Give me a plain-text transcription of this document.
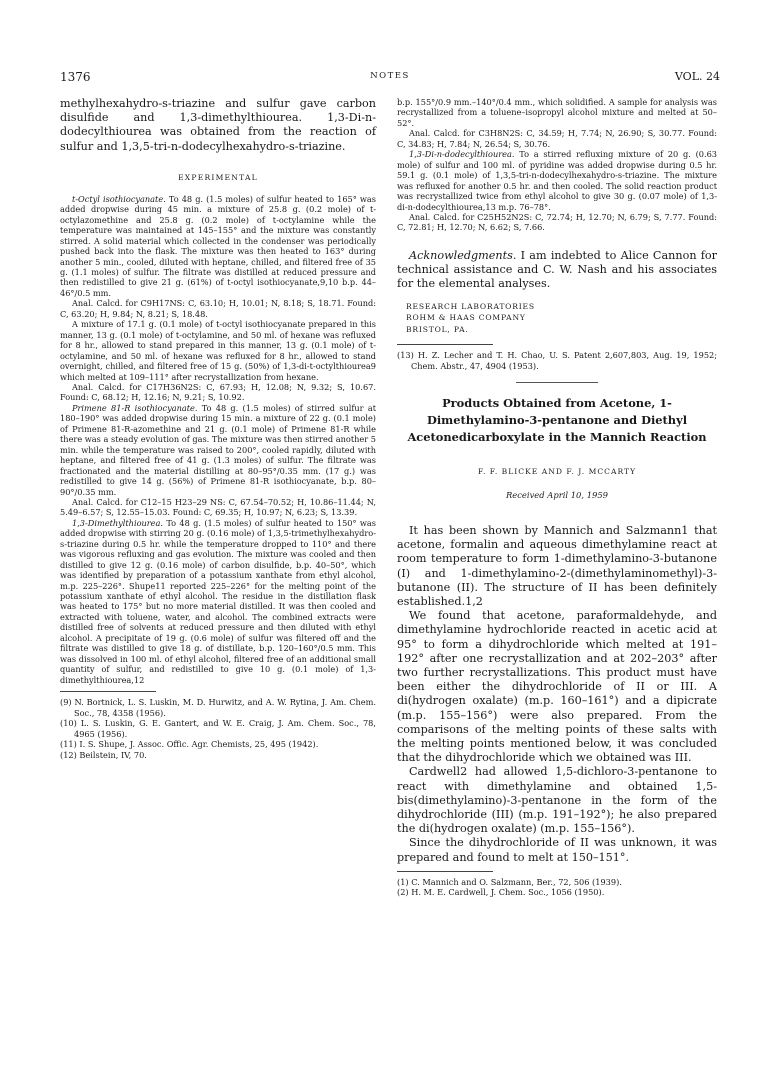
1376	NOTES	VOL. 24

methylhexahydro-s-triazine and sulfur gave carbon disulfide and 1,3-dimethylthiourea. 1,3-Di-n-dodecylthiourea was obtained from the reaction of sulfur and 1,3,5-tri-n-dodecylhexahydro-s-triazine.

EXPERIMENTAL

t-Octyl isothiocyanate. To 48 g. (1.5 moles) of sulfur heated to 165° was added dropwise during 45 min. a mixture of 25.8 g. (0.2 mole) of t-octylazomethine and 25.8 g. (0.2 mole) of t-octylamine while the temperature was maintained at 145–155° and the mixture was constantly stirred. A solid material which collected in the condenser was periodically pushed back into the flask. The mixture was then heated to 163° during another 5 min., cooled, diluted with heptane, chilled, and filtered free of 35 g. (1.1 moles) of sulfur. The filtrate was distilled at reduced pressure and then redistilled to give 21 g. (61%) of t-octyl isothiocyanate,9,10 b.p. 44–46°/0.5 mm.

Anal. Calcd. for C9H17NS: C, 63.10; H, 10.01; N, 8.18; S, 18.71. Found: C, 63.20; H, 9.84; N, 8.21; S, 18.48.

A mixture of 17.1 g. (0.1 mole) of t-octyl isothiocyanate prepared in this manner, 13 g. (0.1 mole) of t-octylamine, and 50 ml. of hexane was refluxed for 8 hr., allowed to stand prepared in this manner, 13 g. (0.1 mole) of t-octylamine, and 50 ml. of hexane was refluxed for 8 hr., allowed to stand overnight, chilled, and filtered free of 15 g. (50%) of 1,3-di-t-octylthiourea9 which melted at 109–111° after recrystallization from hexane.

Anal. Calcd. for C17H36N2S: C, 67.93; H, 12.08; N, 9.32; S, 10.67. Found: C, 68.12; H, 12.16; N, 9.21; S, 10.92.

Primene 81-R isothiocyanate. To 48 g. (1.5 moles) of stirred sulfur at 180–190° was added dropwise during 15 min. a mixture of 22 g. (0.1 mole) of Primene 81-R-azomethine and 21 g. (0.1 mole) of Primene 81-R while there was a steady evolution of gas. The mixture was then stirred another 5 min. while the temperature was raised to 200°, cooled rapidly, diluted with heptane, and filtered free of 41 g. (1.3 moles) of sulfur. The filtrate was fractionated and the material distilling at 80–95°/0.35 mm. (17 g.) was redistilled to give 14 g. (56%) of Primene 81-R isothiocyanate, b.p. 80–90°/0.35 mm.

Anal. Calcd. for C12–15 H23–29 NS: C, 67.54–70.52; H, 10.86–11.44; N, 5.49–6.57; S, 12.55–15.03. Found: C, 69.35; H, 10.97; N, 6.23; S, 13.39.

1,3-Dimethylthiourea. To 48 g. (1.5 moles) of sulfur heated to 150° was added dropwise with stirring 20 g. (0.16 mole) of 1,3,5-trimethylhexahydro-s-triazine during 0.5 hr. while the temperature dropped to 110° and there was vigorous refluxing and gas evolution. The mixture was cooled and then distilled to give 12 g. (0.16 mole) of carbon disulfide, b.p. 40–50°, which was identified by preparation of a potassium xanthate from ethyl alcohol, m.p. 225–226°. Shupe11 reported 225–226° for the melting point of the potassium xanthate of ethyl alcohol. The residue in the distillation flask was heated to 175° but no more material distilled. It was then cooled and extracted with toluene, water, and alcohol. The combined extracts were distilled free of solvents at reduced pressure and then diluted with ethyl alcohol. A precipitate of 19 g. (0.6 mole) of sulfur was filtered off and the filtrate was distilled to give 18 g. of distillate, b.p. 120–160°/0.5 mm. This was dissolved in 100 ml. of ethyl alcohol, filtered free of an additional small quantity of sulfur, and redistilled to give 10 g. (0.1 mole) of 1,3-dimethylthiourea,12

(9) N. Bortnick, L. S. Luskin, M. D. Hurwitz, and A. W. Rytina, J. Am. Chem. Soc., 78, 4358 (1956).

(10) L. S. Luskin, G. E. Gantert, and W. E. Craig, J. Am. Chem. Soc., 78, 4965 (1956).

(11) I. S. Shupe, J. Assoc. Offic. Agr. Chemists, 25, 495 (1942).

(12) Beilstein, IV, 70.

b.p. 155°/0.9 mm.–140°/0.4 mm., which solidified. A sample for analysis was recrystallized from a toluene–isopropyl alcohol mixture and melted at 50–52°.

Anal. Calcd. for C3H8N2S: C, 34.59; H, 7.74; N, 26.90; S, 30.77. Found: C, 34.83; H, 7.84; N, 26.54; S, 30.76.

1,3-Di-n-dodecylthiourea. To a stirred refluxing mixture of 20 g. (0.63 mole) of sulfur and 100 ml. of pyridine was added dropwise during 0.5 hr. 59.1 g. (0.1 mole) of 1,3,5-tri-n-dodecylhexahydro-s-triazine. The mixture was refluxed for another 0.5 hr. and then cooled. The solid reaction product was recrystallized twice from ethyl alcohol to give 30 g. (0.07 mole) of 1,3-di-n-dodecylthiourea,13 m.p. 76–78°.

Anal. Calcd. for C25H52N2S: C, 72.74; H, 12.70; N, 6.79; S, 7.77. Found: C, 72.81; H, 12.70; N, 6.62; S, 7.66.

Acknowledgments. I am indebted to Alice Cannon for technical assistance and C. W. Nash and his associates for the elemental analyses.

RESEARCH LABORATORIES
ROHM & HAAS COMPANY
BRISTOL, PA.

(13) H. Z. Lecher and T. H. Chao, U. S. Patent 2,607,803, Aug. 19, 1952; Chem. Abstr., 47, 4904 (1953).

Products Obtained from Acetone, 1-Dimethylamino-3-pentanone and Diethyl Acetonedicarboxylate in the Mannich Reaction
F. F. BLICKE AND F. J. MCCARTY
Received April 10, 1959

It has been shown by Mannich and Salzmann1 that acetone, formalin and aqueous dimethylamine react at room temperature to form 1-dimethylamino-3-butanone (I) and 1-dimethylamino-2-(dimethylaminomethyl)-3-butanone (II). The structure of II has been definitely established.1,2

We found that acetone, paraformaldehyde, and dimethylamine hydrochloride reacted in acetic acid at 95° to form a dihydrochloride which melted at 191–192° after one recrystallization and at 202–203° after two further recrystallizations. This product must have been either the dihydrochloride of II or III. A di(hydrogen oxalate) (m.p. 160–161°) and a dipicrate (m.p. 155–156°) were also prepared. From the comparisons of the melting points of these salts with the melting points mentioned below, it was concluded that the dihydrochloride which we obtained was III.

Cardwell2 had allowed 1,5-dichloro-3-pentanone to react with dimethylamine and obtained 1,5-bis(dimethylamino)-3-pentanone in the form of the dihydrochloride (III) (m.p. 191–192°); he also prepared the di(hydrogen oxalate) (m.p. 155–156°).

Since the dihydrochloride of II was unknown, it was prepared and found to melt at 150–151°.

(1) C. Mannich and O. Salzmann, Ber., 72, 506 (1939).

(2) H. M. E. Cardwell, J. Chem. Soc., 1056 (1950).
